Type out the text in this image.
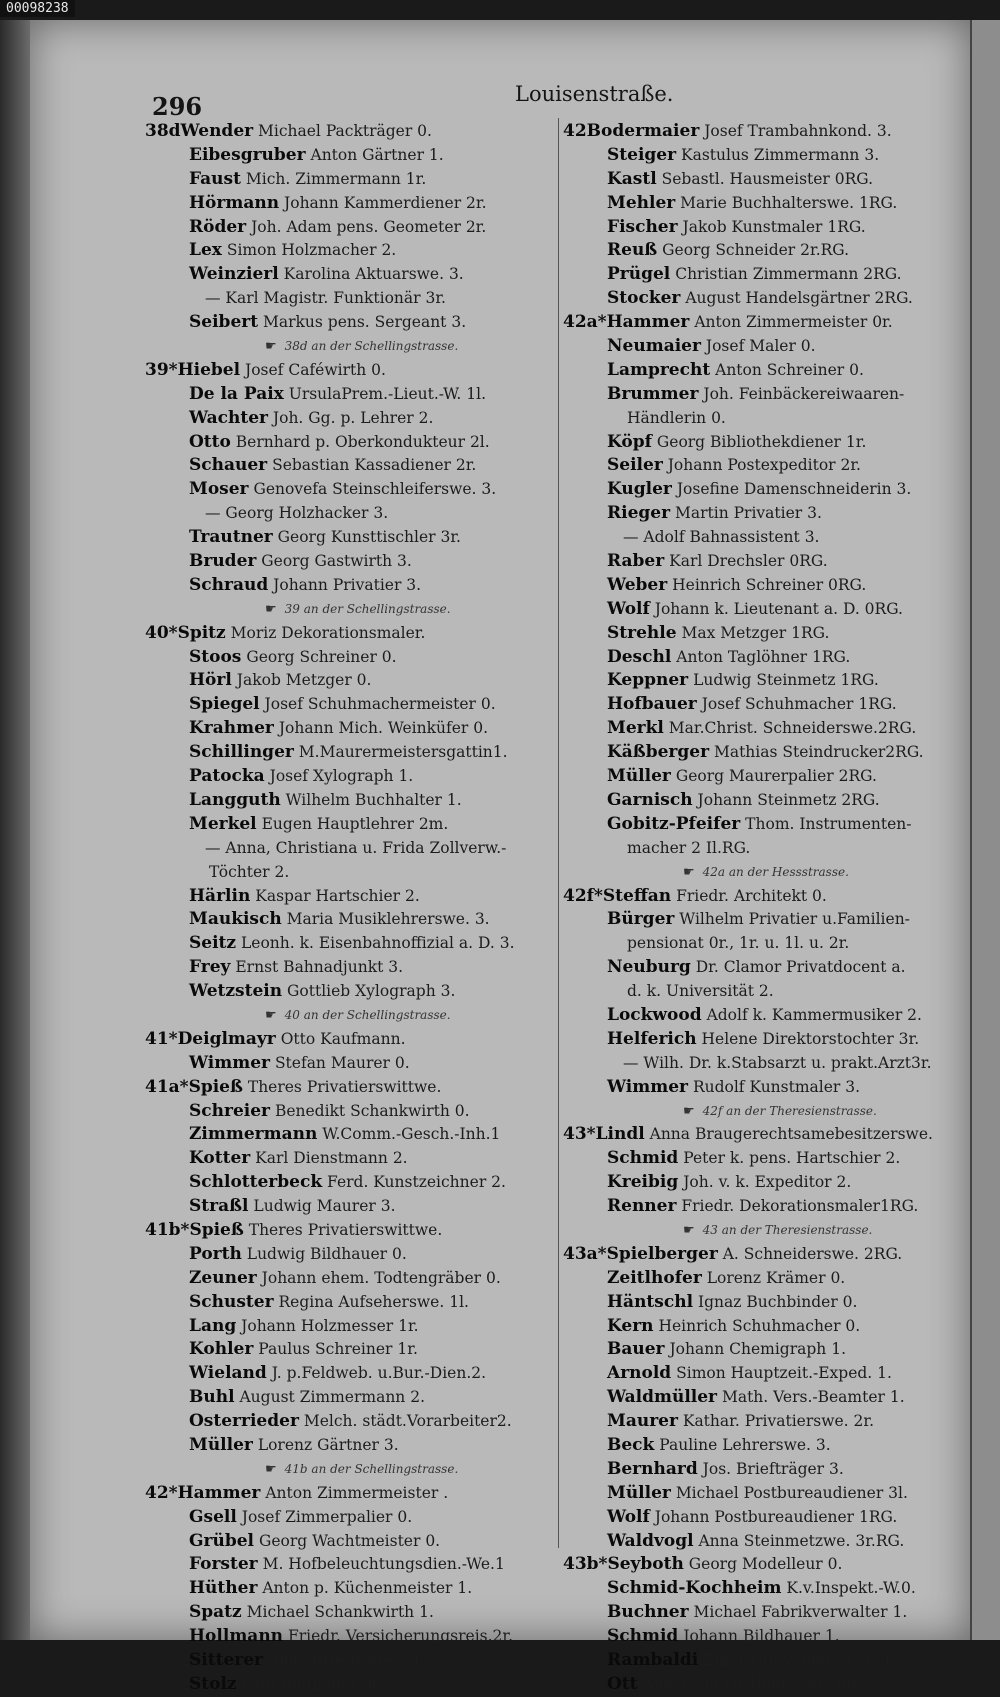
00098238
296	Louisenstraße.
38dWender Michael Packträger 0.
Eibesgruber Anton Gärtner 1.
Faust Mich. Zimmermann 1r.
Hörmann Johann Kammerdiener 2r.
Röder Joh. Adam pens. Geometer 2r.
Lex Simon Holzmacher 2.
Weinzierl Karolina Aktuarswe. 3.
— Karl Magistr. Funktionär 3r.
Seibert Markus pens. Sergeant 3.
☛ 38d an der Schellingstrasse.
39*Hiebel Josef Caféwirth 0.
De la Paix UrsulaPrem.-Lieut.-W. 1l.
Wachter Joh. Gg. p. Lehrer 2.
Otto Bernhard p. Oberkondukteur 2l.
Schauer Sebastian Kassadiener 2r.
Moser Genovefa Steinschleiferswe. 3.
— Georg Holzhacker 3.
Trautner Georg Kunsttischler 3r.
Bruder Georg Gastwirth 3.
Schraud Johann Privatier 3.
☛ 39 an der Schellingstrasse.
40*Spitz Moriz Dekorationsmaler.
Stoos Georg Schreiner 0.
Hörl Jakob Metzger 0.
Spiegel Josef Schuhmachermeister 0.
Krahmer Johann Mich. Weinküfer 0.
Schillinger M.Maurermeistersgattin1.
Patocka Josef Xylograph 1.
Langguth Wilhelm Buchhalter 1.
Merkel Eugen Hauptlehrer 2m.
— Anna, Christiana u. Frida Zollverw.-
Töchter 2.
Härlin Kaspar Hartschier 2.
Maukisch Maria Musiklehrerswe. 3.
Seitz Leonh. k. Eisenbahnoffizial a. D. 3.
Frey Ernst Bahnadjunkt 3.
Wetzstein Gottlieb Xylograph 3.
☛ 40 an der Schellingstrasse.
41*Deiglmayr Otto Kaufmann.
Wimmer Stefan Maurer 0.
41a*Spieß Theres Privatierswittwe.
Schreier Benedikt Schankwirth 0.
Zimmermann W.Comm.-Gesch.-Inh.1
Kotter Karl Dienstmann 2.
Schlotterbeck Ferd. Kunstzeichner 2.
Straßl Ludwig Maurer 3.
41b*Spieß Theres Privatierswittwe.
Porth Ludwig Bildhauer 0.
Zeuner Johann ehem. Todtengräber 0.
Schuster Regina Aufseherswe. 1l.
Lang Johann Holzmesser 1r.
Kohler Paulus Schreiner 1r.
Wieland J. p.Feldweb. u.Bur.-Dien.2.
Buhl August Zimmermann 2.
Osterrieder Melch. städt.Vorarbeiter2.
Müller Lorenz Gärtner 3.
☛ 41b an der Schellingstrasse.
42*Hammer Anton Zimmermeister .
Gsell Josef Zimmerpalier 0.
Grübel Georg Wachtmeister 0.
Forster M. Hofbeleuchtungsdien.-We.1
Hüther Anton p. Küchenmeister 1.
Spatz Michael Schankwirth 1.
Hollmann Friedr. Versicherungsreis.2r.
Sitterer Alois Briefträger 2l.
Stolz Paul Bildhauer 3r.
42Bodermaier Josef Trambahnkond. 3.
Steiger Kastulus Zimmermann 3.
Kastl Sebastl. Hausmeister 0RG.
Mehler Marie Buchhalterswe. 1RG.
Fischer Jakob Kunstmaler 1RG.
Reuß Georg Schneider 2r.RG.
Prügel Christian Zimmermann 2RG.
Stocker August Handelsgärtner 2RG.
42a*Hammer Anton Zimmermeister 0r.
Neumaier Josef Maler 0.
Lamprecht Anton Schreiner 0.
Brummer Joh. Feinbäckereiwaaren-
Händlerin 0.
Köpf Georg Bibliothekdiener 1r.
Seiler Johann Postexpeditor 2r.
Kugler Josefine Damenschneiderin 3.
Rieger Martin Privatier 3.
— Adolf Bahnassistent 3.
Raber Karl Drechsler 0RG.
Weber Heinrich Schreiner 0RG.
Wolf Johann k. Lieutenant a. D. 0RG.
Strehle Max Metzger 1RG.
Deschl Anton Taglöhner 1RG.
Keppner Ludwig Steinmetz 1RG.
Hofbauer Josef Schuhmacher 1RG.
Merkl Mar.Christ. Schneiderswe.2RG.
Käßberger Mathias Steindrucker2RG.
Müller Georg Maurerpalier 2RG.
Garnisch Johann Steinmetz 2RG.
Gobitz-Pfeifer Thom. Instrumenten-
macher 2 Il.RG.
☛ 42a an der Hessstrasse.
42f*Steffan Friedr. Architekt 0.
Bürger Wilhelm Privatier u.Familien-
pensionat 0r., 1r. u. 1l. u. 2r.
Neuburg Dr. Clamor Privatdocent a.
d. k. Universität 2.
Lockwood Adolf k. Kammermusiker 2.
Helferich Helene Direktorstochter 3r.
— Wilh. Dr. k.Stabsarzt u. prakt.Arzt3r.
Wimmer Rudolf Kunstmaler 3.
☛ 42f an der Theresienstrasse.
43*Lindl Anna Braugerechtsamebesitzerswe.
Schmid Peter k. pens. Hartschier 2.
Kreibig Joh. v. k. Expeditor 2.
Renner Friedr. Dekorationsmaler1RG.
☛ 43 an der Theresienstrasse.
43a*Spielberger A. Schneiderswe. 2RG.
Zeitlhofer Lorenz Krämer 0.
Häntschl Ignaz Buchbinder 0.
Kern Heinrich Schuhmacher 0.
Bauer Johann Chemigraph 1.
Arnold Simon Hauptzeit.-Exped. 1.
Waldmüller Math. Vers.-Beamter 1.
Maurer Kathar. Privatierswe. 2r.
Beck Pauline Lehrerswe. 3.
Bernhard Jos. Briefträger 3.
Müller Michael Postbureaudiener 3l.
Wolf Johann Postbureaudiener 1RG.
Waldvogl Anna Steinmetzwe. 3r.RG.
43b*Seyboth Georg Modelleur 0.
Schmid-Kochheim K.v.Inspekt.-W.0.
Buchner Michael Fabrikverwalter 1.
Schmid Johann Bildhauer 1.
Rambaldi Em. Gräf. v. Reg.-R.-T.2l.
Ott Anastasia Posthalterstochter 2.
